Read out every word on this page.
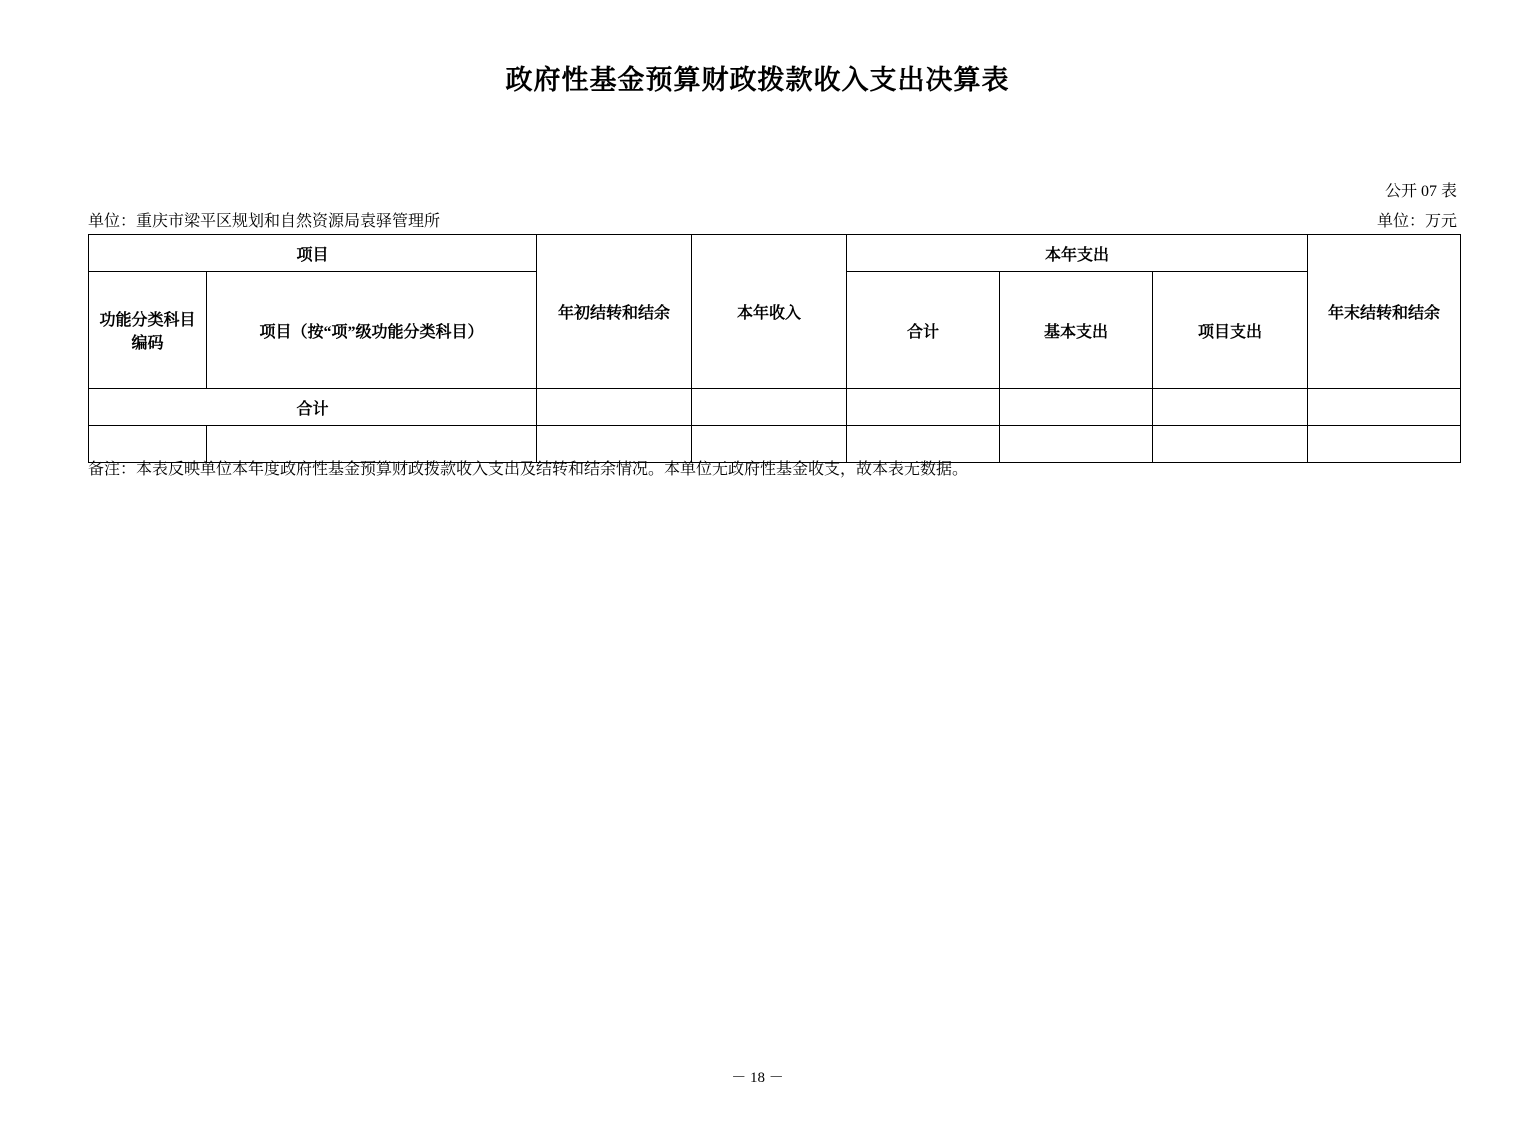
政府性基金预算财政拨款收入支出决算表
公开 07 表
单位：重庆市梁平区规划和自然资源局袁驿管理所	单位：万元
项目		年初结转和结余	本年收入	本年支出			年末结转和结余
功能分类科目编码	项目（按“项”级功能分类科目）			合计	基本支出	项目支出	
合计							

备注：本表反映单位本年度政府性基金预算财政拨款收入支出及结转和结余情况。本单位无政府性基金收支，故本表无数据。
－ 18 －
